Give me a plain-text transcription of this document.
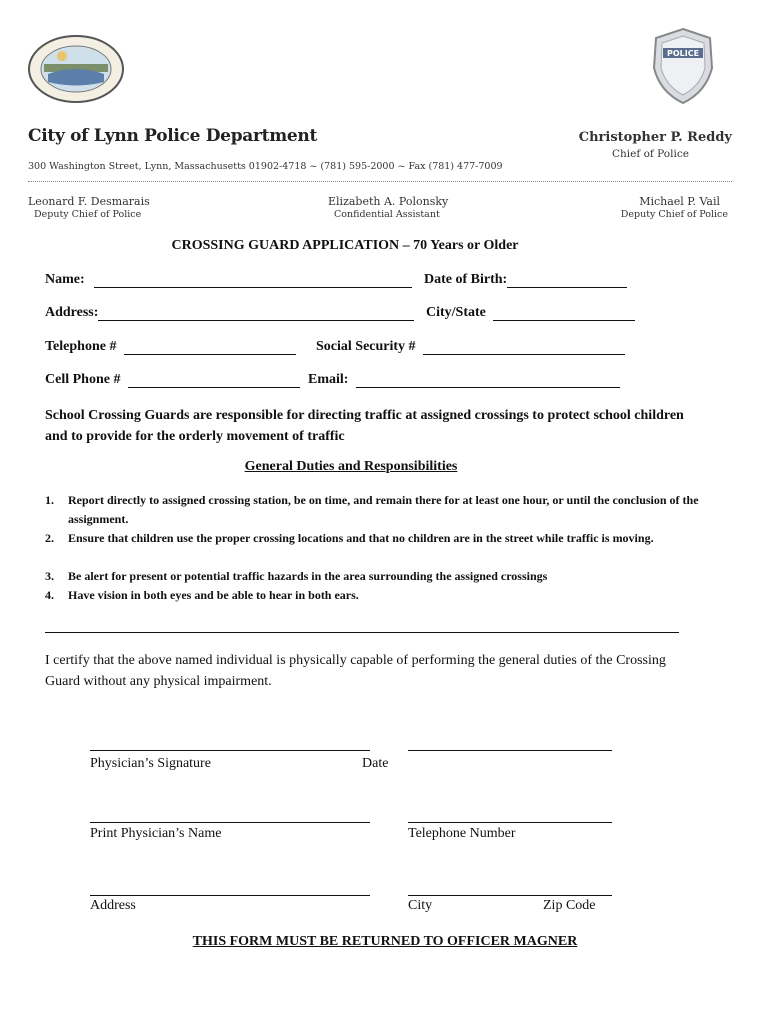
POLICE
City of Lynn Police Department	Christopher P. Reddy
Chief of Police
300 Washington Street, Lynn, Massachusetts 01902-4718 ~ (781) 595-2000 ~ Fax (781) 477-7009
Leonard F. Desmarais
Deputy Chief of Police
Elizabeth A. Polonsky
Confidential Assistant
Michael P. Vail
Deputy Chief of Police
CROSSING GUARD APPLICATION – 70 Years or Older
Name:	Date of Birth:
Address:	City/State
Telephone #	Social Security #
Cell Phone #	Email:
School Crossing Guards are responsible for directing traffic at assigned crossings to protect school children and to provide for the orderly movement of traffic
General Duties and Responsibilities
1. Report directly to assigned crossing station, be on time, and remain there for at least one hour, or until the conclusion of the assignment.
2. Ensure that children use the proper crossing locations and that no children are in the street while traffic is moving.
3. Be alert for present or potential traffic hazards in the area surrounding the assigned crossings
4. Have vision in both eyes and be able to hear in both ears.
I certify that the above named individual is physically capable of performing the general duties of the Crossing Guard without any physical impairment.
Physician’s Signature	Date
Print Physician’s Name	Telephone Number
Address	City	Zip Code
THIS FORM MUST BE RETURNED TO OFFICER MAGNER
